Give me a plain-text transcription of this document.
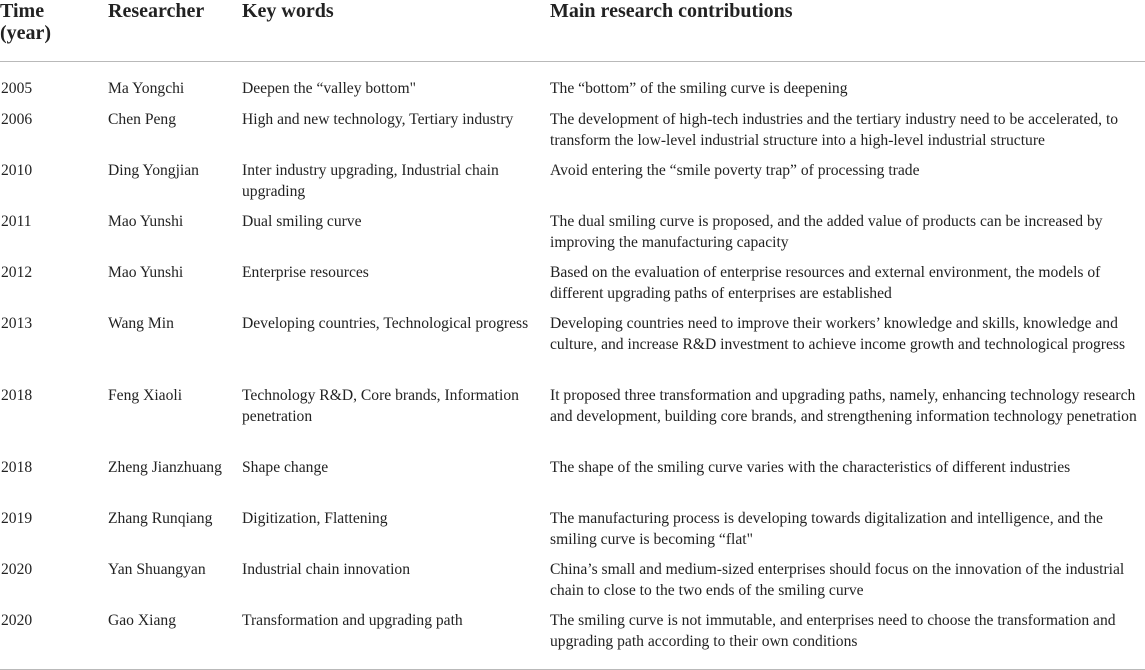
Time
(year)	Researcher	Key words	Main research contributions
2005	Ma Yongchi	Deepen the “valley bottom"	The “bottom” of the smiling curve is deepening
2006	Chen Peng	High and new technology, Tertiary industry	The development of high-tech industries and the tertiary industry need to be accelerated, to transform the low-level industrial structure into a high-level industrial structure
2010	Ding Yongjian	Inter industry upgrading, Industrial chain upgrading	Avoid entering the “smile poverty trap” of processing trade
2011	Mao Yunshi	Dual smiling curve	The dual smiling curve is proposed, and the added value of products can be increased by improving the manufacturing capacity
2012	Mao Yunshi	Enterprise resources	Based on the evaluation of enterprise resources and external environment, the models of different upgrading paths of enterprises are established
2013	Wang Min	Developing countries, Technological progress	Developing countries need to improve their workers’ knowledge and skills, knowledge and culture, and increase R&D investment to achieve income growth and technological progress
2018	Feng Xiaoli	Technology R&D, Core brands, Information penetration	It proposed three transformation and upgrading paths, namely, enhancing technology research and development, building core brands, and strengthening information technology penetration
2018	Zheng Jianzhuang	Shape change	The shape of the smiling curve varies with the characteristics of different industries
2019	Zhang Runqiang	Digitization, Flattening	The manufacturing process is developing towards digitalization and intelligence, and the smiling curve is becoming “flat"
2020	Yan Shuangyan	Industrial chain innovation	China’s small and medium-sized enterprises should focus on the innovation of the industrial chain to close to the two ends of the smiling curve
2020	Gao Xiang	Transformation and upgrading path	The smiling curve is not immutable, and enterprises need to choose the transformation and upgrading path according to their own conditions
